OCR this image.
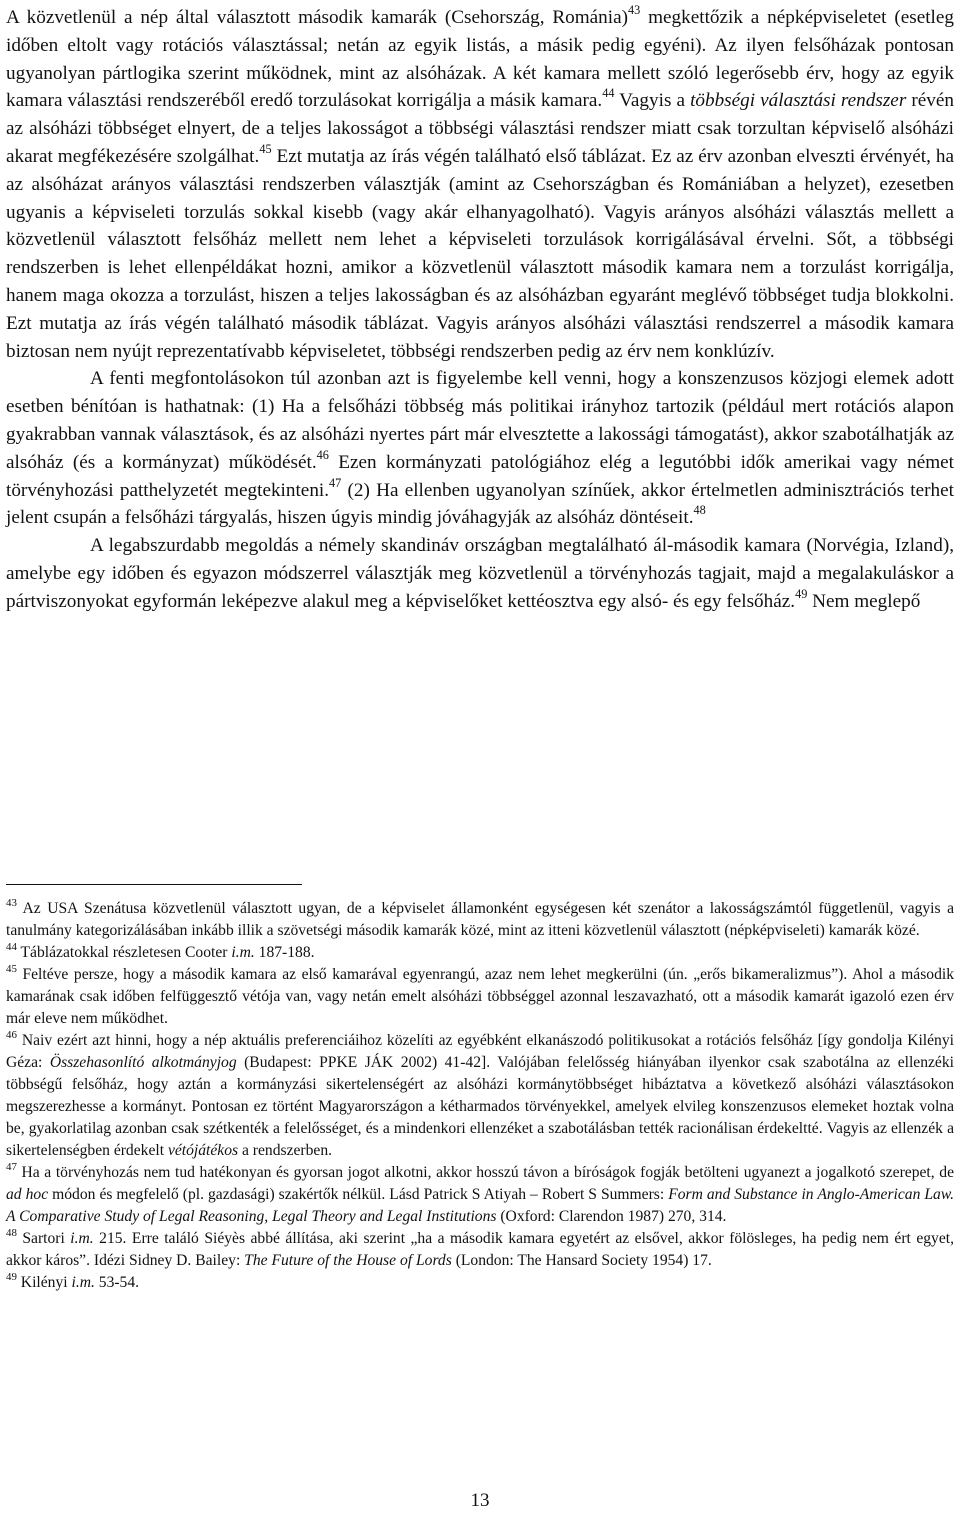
A közvetlenül a nép által választott második kamarák (Csehország, Románia)$^{43}$ megkettőzik a népképviseletet (esetleg időben eltolt vagy rotációs választással; netán az egyik listás, a másik pedig egyéni). Az ilyen felsőházak pontosan ugyanolyan pártlogika szerint működnek, mint az alsóházak. A két kamara mellett szóló legerősebb érv, hogy az egyik kamara választási rendszeréből eredő torzulásokat korrigálja a másik kamara.$^{44}$ Vagyis a többségi választási rendszer révén az alsóházi többséget elnyert, de a teljes lakosságot a többségi választási rendszer miatt csak torzultan képviselő alsóházi akarat megfékezésére szolgálhat.$^{45}$ Ezt mutatja az írás végén található első táblázat. Ez az érv azonban elveszti érvényét, ha az alsóházat arányos választási rendszerben választják (amint az Csehországban és Romániában a helyzet), ezesetben ugyanis a képviseleti torzulás sokkal kisebb (vagy akár elhanyagolható). Vagyis arányos alsóházi választás mellett a közvetlenül választott felsőház mellett nem lehet a képviseleti torzulások korrigálásával érvelni. Sőt, a többségi rendszerben is lehet ellenpéldákat hozni, amikor a közvetlenül választott második kamara nem a torzulást korrigálja, hanem maga okozza a torzulást, hiszen a teljes lakosságban és az alsóházban egyaránt meglévő többséget tudja blokkolni. Ezt mutatja az írás végén található második táblázat. Vagyis arányos alsóházi választási rendszerrel a második kamara biztosan nem nyújt reprezentatívabb képviseletet, többségi rendszerben pedig az érv nem konklúzív.

A fenti megfontolásokon túl azonban azt is figyelembe kell venni, hogy a konszenzusos közjogi elemek adott esetben bénítóan is hathatnak: (1) Ha a felsőházi többség más politikai irányhoz tartozik (például mert rotációs alapon gyakrabban vannak választások, és az alsóházi nyertes párt már elvesztette a lakossági támogatást), akkor szabotálhatják az alsóház (és a kormányzat) működését.$^{46}$ Ezen kormányzati patológiához elég a legutóbbi idők amerikai vagy német törvényhozási patthelyzetét megtekinteni.$^{47}$ (2) Ha ellenben ugyanolyan színűek, akkor értelmetlen adminisztrációs terhet jelent csupán a felsőházi tárgyalás, hiszen úgyis mindig jóváhagyják az alsóház döntéseit.$^{48}$

A legabszurdabb megoldás a némely skandináv országban megtalálható ál-második kamara (Norvégia, Izland), amelybe egy időben és egyazon módszerrel választják meg közvetlenül a törvényhozás tagjait, majd a megalakuláskor a pártviszonyokat egyformán leképezve alakul meg a képviselőket kettéosztva egy alsó- és egy felsőház.$^{49}$ Nem meglepő

$^{43}$ Az USA Szenátusa közvetlenül választott ugyan, de a képviselet államonként egységesen két szenátor a lakosságszámtól függetlenül, vagyis a tanulmány kategorizálásában inkább illik a szövetségi második kamarák közé, mint az itteni közvetlenül választott (népképviseleti) kamarák közé.

$^{44}$ Táblázatokkal részletesen Cooter i.m. 187-188.

$^{45}$ Feltéve persze, hogy a második kamara az első kamarával egyenrangú, azaz nem lehet megkerülni (ún. „erős bikameralizmus”). Ahol a második kamarának csak időben felfüggesztő vétója van, vagy netán emelt alsóházi többséggel azonnal leszavazható, ott a második kamarát igazoló ezen érv már eleve nem működhet.

$^{46}$ Naiv ezért azt hinni, hogy a nép aktuális preferenciáihoz közelíti az egyébként elkanászodó politikusokat a rotációs felsőház [így gondolja Kilényi Géza: Összehasonlító alkotmányjog (Budapest: PPKE JÁK 2002) 41-42]. Valójában felelősség hiányában ilyenkor csak szabotálna az ellenzéki többségű felsőház, hogy aztán a kormányzási sikertelenségért az alsóházi kormánytöbbséget hibáztatva a következő alsóházi választásokon megszerezhesse a kormányt. Pontosan ez történt Magyarországon a kétharmados törvényekkel, amelyek elvileg konszenzusos elemeket hoztak volna be, gyakorlatilag azonban csak szétkenték a felelősséget, és a mindenkori ellenzéket a szabotálásban tették racionálisan érdekeltté. Vagyis az ellenzék a sikertelenségben érdekelt vétójátékos a rendszerben.

$^{47}$ Ha a törvényhozás nem tud hatékonyan és gyorsan jogot alkotni, akkor hosszú távon a bíróságok fogják betölteni ugyanezt a jogalkotó szerepet, de ad hoc módon és megfelelő (pl. gazdasági) szakértők nélkül. Lásd Patrick S Atiyah – Robert S Summers: Form and Substance in Anglo-American Law. A Comparative Study of Legal Reasoning, Legal Theory and Legal Institutions (Oxford: Clarendon 1987) 270, 314.

$^{48}$ Sartori i.m. 215. Erre találó Siéyès abbé állítása, aki szerint „ha a második kamara egyetért az elsővel, akkor fölösleges, ha pedig nem ért egyet, akkor káros”. Idézi Sidney D. Bailey: The Future of the House of Lords (London: The Hansard Society 1954) 17.

$^{49}$ Kilényi i.m. 53-54.

13
